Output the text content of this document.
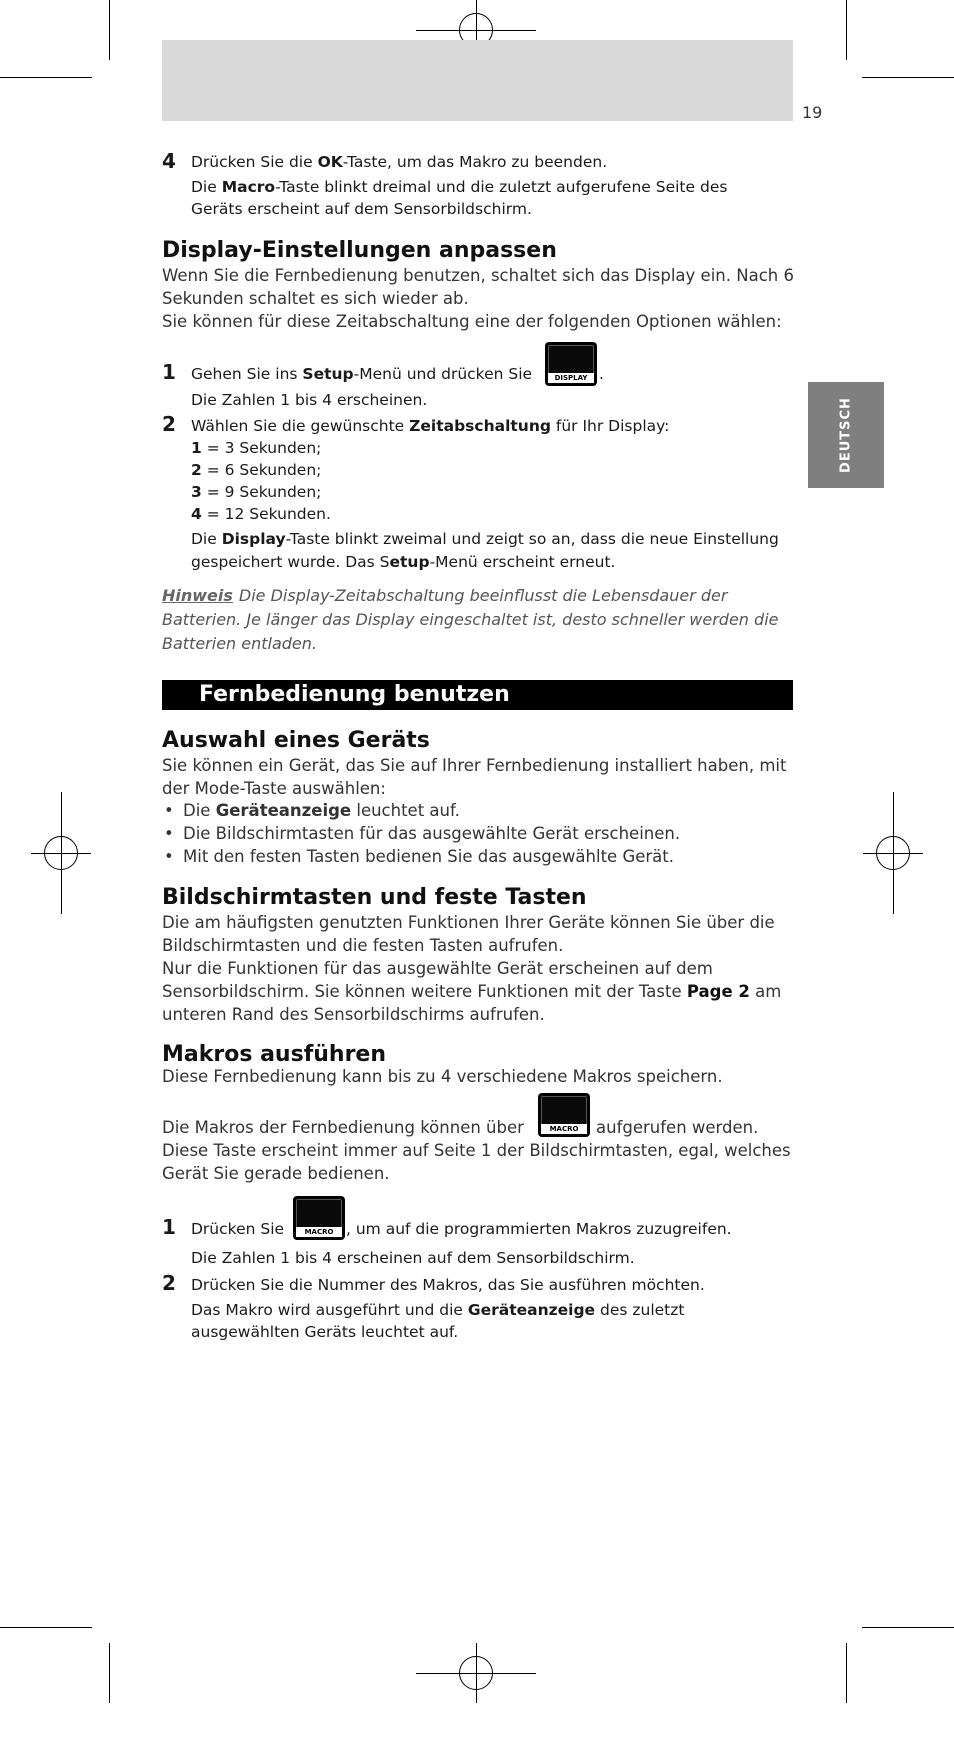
19
DEUTSCH
4 Drücken Sie die OK-Taste, um das Makro zu beenden.
Die Macro-Taste blinkt dreimal und die zuletzt aufgerufene Seite des
Geräts erscheint auf dem Sensorbildschirm.
Display-Einstellungen anpassen
Wenn Sie die Fernbedienung benutzen, schaltet sich das Display ein. Nach 6
Sekunden schaltet es sich wieder ab.
Sie können für diese Zeitabschaltung eine der folgenden Optionen wählen:
1 Gehen Sie ins Setup-Menü und drücken Sie	DISPLAY .
Die Zahlen 1 bis 4 erscheinen.
2 Wählen Sie die gewünschte Zeitabschaltung für Ihr Display:
1 = 3 Sekunden;
2 = 6 Sekunden;
3 = 9 Sekunden;
4 = 12 Sekunden.
Die Display-Taste blinkt zweimal und zeigt so an, dass die neue Einstellung
gespeichert wurde. Das Setup-Menü erscheint erneut.
Hinweis Die Display-Zeitabschaltung beeinflusst die Lebensdauer der
Batterien. Je länger das Display eingeschaltet ist, desto schneller werden die
Batterien entladen.
Fernbedienung benutzen
Auswahl eines Geräts
Sie können ein Gerät, das Sie auf Ihrer Fernbedienung installiert haben, mit
der Mode-Taste auswählen:
• Die Geräteanzeige leuchtet auf.
• Die Bildschirmtasten für das ausgewählte Gerät erscheinen.
• Mit den festen Tasten bedienen Sie das ausgewählte Gerät.
Bildschirmtasten und feste Tasten
Die am häufigsten genutzten Funktionen Ihrer Geräte können Sie über die
Bildschirmtasten und die festen Tasten aufrufen.
Nur die Funktionen für das ausgewählte Gerät erscheinen auf dem
Sensorbildschirm. Sie können weitere Funktionen mit der Taste Page 2 am
unteren Rand des Sensorbildschirms aufrufen.
Makros ausführen
Diese Fernbedienung kann bis zu 4 verschiedene Makros speichern.
Die Makros der Fernbedienung können über	MACRO	aufgerufen werden.
Diese Taste erscheint immer auf Seite 1 der Bildschirmtasten, egal, welches
Gerät Sie gerade bedienen.
1 Drücken Sie	MACRO , um auf die programmierten Makros zuzugreifen.
Die Zahlen 1 bis 4 erscheinen auf dem Sensorbildschirm.
2 Drücken Sie die Nummer des Makros, das Sie ausführen möchten.
Das Makro wird ausgeführt und die Geräteanzeige des zuletzt
ausgewählten Geräts leuchtet auf.
